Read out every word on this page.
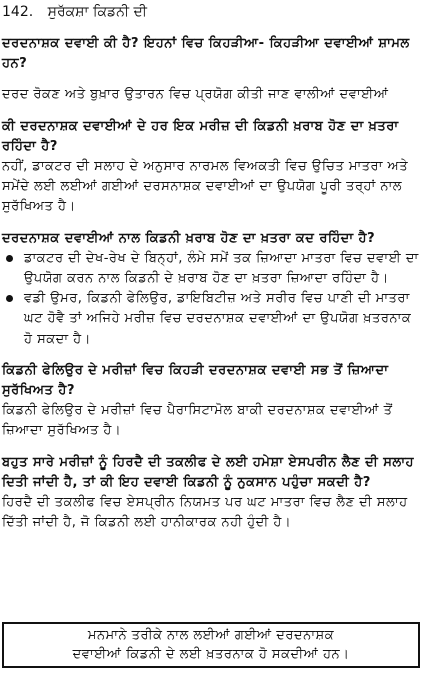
142. ਸੁਰੱਕਸ਼ਾ ਕਿਡਨੀ ਦੀ

ਦਰਦਨਾਸ਼ਕ ਦਵਾਈ ਕੀ ਹੈ? ਇਹਨਾਂ ਵਿਚ ਕਿਹੜੀਆ- ਕਿਹੜੀਆ ਦਵਾਈਆਂ ਸ਼ਾਮਲ ਹਨ?

ਦਰਦ ਰੋਕਣ ਅਤੇ ਬੁਖ਼ਾਰ ਉਤਾਰਨ ਵਿਚ ਪ੍ਰਯੋਗ ਕੀਤੀ ਜਾਣ ਵਾਲੀਆਂ ਦਵਾਈਆਂ

ਕੀ ਦਰਦਨਾਸ਼ਕ ਦਵਾਈਆਂ ਦੇ ਹਰ ਇਕ ਮਰੀਜ਼ ਦੀ ਕਿਡਨੀ ਖ਼ਰਾਬ ਹੋਣ ਦਾ ਖ਼ਤਰਾ ਰਹਿੰਦਾ ਹੈ?

ਨਹੀਂ, ਡਾਕਟਰ ਦੀ ਸਲਾਹ ਦੇ ਅਨੁਸਾਰ ਨਾਰਮਲ ਵਿਅਕਤੀ ਵਿਚ ਉਚਿਤ ਮਾਤਰਾ ਅਤੇ ਸਮੇਂਦੇ ਲਈ ਲਈਆਂ ਗਈਆਂ ਦਰਸਨਾਸ਼ਕ ਦਵਾਈਆਂ ਦਾ ਉਪਯੋਗ ਪੂਰੀ ਤਰ੍ਹਾਂ ਨਾਲ ਸੁਰੱਖਿਅਤ ਹੈ।

ਦਰਦਨਾਸ਼ਕ ਦਵਾਈਆਂ ਨਾਲ ਕਿਡਨੀ ਖ਼ਰਾਬ ਹੋਣ ਦਾ ਖ਼ਤਰਾ ਕਦ ਰਹਿੰਦਾ ਹੈ?

ਡਾਕਟਰ ਦੀ ਦੇਖ-ਰੇਖ ਦੇ ਬਿਨ੍ਹਾਂ, ਲੰਮੇ ਸਮੇਂ ਤਕ ਜ਼ਿਆਦਾ ਮਾਤਰਾ ਵਿਚ ਦਵਾਈ ਦਾ ਉਪਯੋਗ ਕਰਨ ਨਾਲ ਕਿਡਨੀ ਦੇ ਖ਼ਰਾਬ ਹੋਣ ਦਾ ਖ਼ਤਰਾ ਜ਼ਿਆਦਾ ਰਹਿੰਦਾ ਹੈ।

ਵਡੀ ਉਮਰ, ਕਿਡਨੀ ਫੇਲਿਉਰ, ਡਾਇਬਿਟੀਜ਼ ਅਤੇ ਸਰੀਰ ਵਿਚ ਪਾਣੀ ਦੀ ਮਾਤਰਾ ਘਟ ਹੋਵੈ ਤਾਂ ਅਜਿਹੇ ਮਰੀਜ਼ ਵਿਚ ਦਰਦਨਾਸ਼ਕ ਦਵਾਈਆਂ ਦਾ ਉਪਯੋਗ ਖ਼ਤਰਨਾਕ ਹੋ ਸਕਦਾ ਹੈ।

ਕਿਡਨੀ ਫੇਲਿਉਰ ਦੇ ਮਰੀਜ਼ਾਂ ਵਿਚ ਕਿਹੜੀ ਦਰਦਨਾਸ਼ਕ ਦਵਾਈ ਸਭ ਤੋਂ ਜ਼ਿਆਦਾ ਸੁਰੱਖਿਅਤ ਹੈ?

ਕਿਡਨੀ ਫੇਲਿਉਰ ਦੇ ਮਰੀਜ਼ਾਂ ਵਿਚ ਪੈਰਾਸਿਟਾਮੋਲ ਬਾਕੀ ਦਰਦਨਾਸ਼ਕ ਦਵਾਈਆਂ ਤੋਂ ਜ਼ਿਆਦਾ ਸੁਰੱਖਿਅਤ ਹੈ।

ਬਹੁਤ ਸਾਰੇ ਮਰੀਜ਼ਾਂ ਨੂੰ ਹਿਰਦੈ ਦੀ ਤਕਲੀਫ ਦੇ ਲਈ ਹਮੇਸ਼ਾ ਏਸਪਰੀਨ ਲੈਣ ਦੀ ਸਲਾਹ ਦਿਤੀ ਜਾਂਦੀ ਹੈ, ਤਾਂ ਕੀ ਇਹ ਦਵਾਈ ਕਿਡਨੀ ਨੂੰ ਨੁਕਸਾਨ ਪਹੁੰਚਾ ਸਕਦੀ ਹੈ?

ਹਿਰਦੈ ਦੀ ਤਕਲੀਫ ਵਿਚ ਏਸਪ੍ਰੀਨ ਨਿਯਮਤ ਪਰ ਘਟ ਮਾਤਰਾ ਵਿਚ ਲੈਣ ਦੀ ਸਲਾਹ ਦਿੱਤੀ ਜਾਂਦੀ ਹੈ, ਜੋ ਕਿਡਨੀ ਲਈ ਹਾਨੀਕਾਰਕ ਨਹੀ ਹੁੰਦੀ ਹੈ।

ਮਨਮਾਨੇ ਤਰੀਕੇ ਨਾਲ ਲਈਆਂ ਗਈਆਂ ਦਰਦਨਾਸ਼ਕ
ਦਵਾਈਆਂ ਕਿਡਨੀ ਦੇ ਲਈ ਖ਼ਤਰਨਾਕ ਹੋ ਸਕਦੀਆਂ ਹਨ।
